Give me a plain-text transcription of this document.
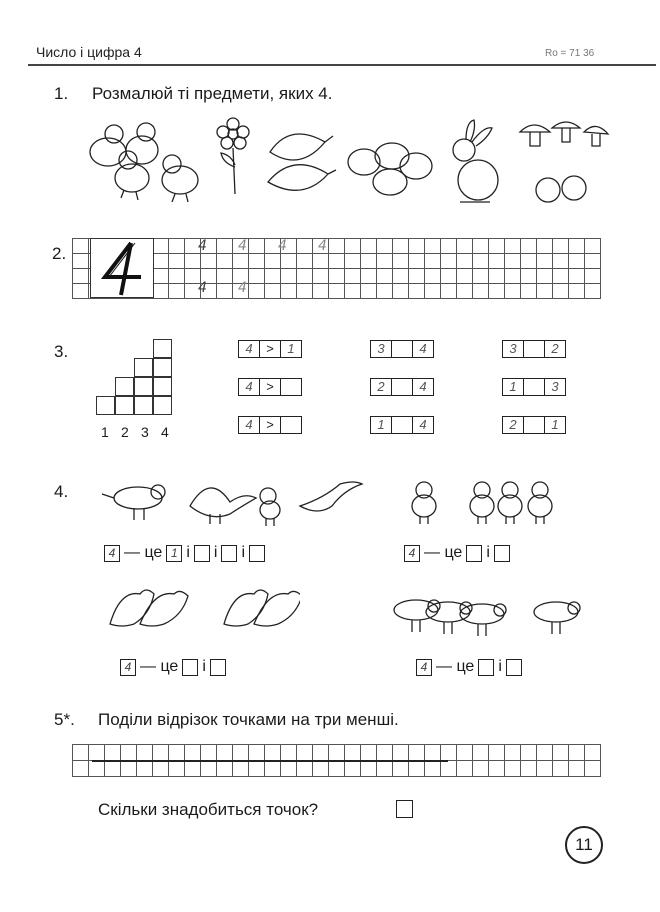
Число і цифра 4	Ro = 71 36
1. Розмалюй ті предмети, яких 4.
2.	4 4 4 4
4 4
3.
1 2 3 4
4	>	1
4	>
4	>
3	4
2	4
1	4
3	2
1	3
2	1
4.
4 — це 1 і і і	4 — це і
4 — це і	4 — це і
5*. Поділи відрізок точками на три менші.
Скільки знадобиться точок?
11
